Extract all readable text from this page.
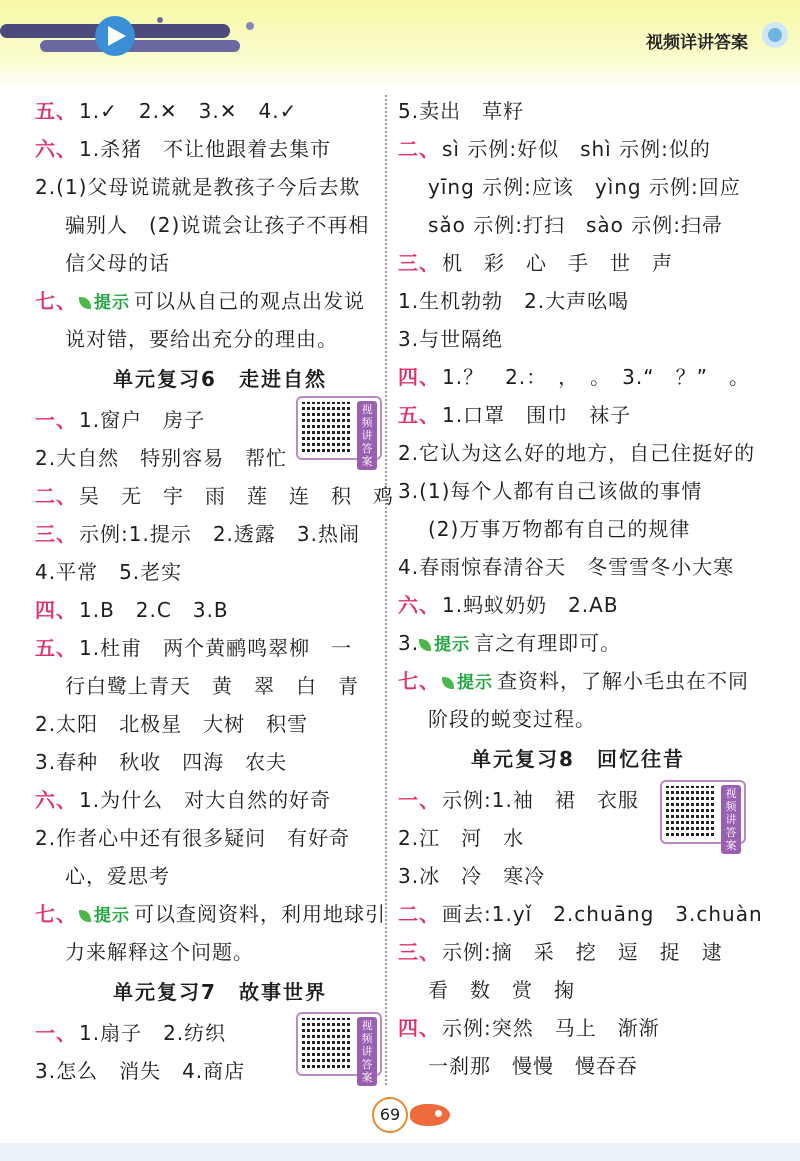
视频详讲答案
五、 1.✓　2.✕　3.✕　4.✓
六、 1.杀猪　不让他跟着去集市
2.(1)父母说谎就是教孩子今后去欺
骗别人　(2)说谎会让孩子不再相
信父母的话
七、 提示 可以从自己的观点出发说
说对错，要给出充分的理由。
单元复习6　走进自然
一、 1.窗户　房子
2.大自然　特别容易　帮忙
二、 吴　无　宇　雨　莲　连　积　鸡
三、 示例:1.提示　2.透露　3.热闹
4.平常　5.老实
四、 1.B　2.C　3.B
五、 1.杜甫　两个黄鹂鸣翠柳　一
行白鹭上青天　黄　翠　白　青
2.太阳　北极星　大树　积雪
3.春种　秋收　四海　农夫
六、 1.为什么　对大自然的好奇
2.作者心中还有很多疑问　有好奇
心，爱思考
七、 提示 可以查阅资料，利用地球引
力来解释这个问题。
单元复习7　故事世界
一、 1.扇子　2.纺织
3.怎么　消失　4.商店
5.卖出　草籽
二、 sì 示例:好似　shì 示例:似的
yīng 示例:应该　yìng 示例:回应
sǎo 示例:打扫　sào 示例:扫帚
三、 机　彩　心　手　世　声
1.生机勃勃　2.大声吆喝
3.与世隔绝
四、 1.？　2.：　，　。　3.“　？”　。
五、 1.口罩　围巾　袜子
2.它认为这么好的地方，自己住挺好的
3.(1)每个人都有自己该做的事情
(2)万事万物都有自己的规律
4.春雨惊春清谷天　冬雪雪冬小大寒
六、 1.蚂蚁奶奶　2.AB
3. 提示 言之有理即可。
七、 提示 查资料，了解小毛虫在不同
阶段的蜕变过程。
单元复习8　回忆往昔
一、 示例:1.袖　裙　衣服
2.江　河　水
3.冰　冷　寒冷
二、 画去:1.yǐ　2.chuāng　3.chuàn
三、 示例:摘　采　挖　逗　捉　逮
看　数　赏　掬
四、 示例:突然　马上　渐渐
一刹那　慢慢　慢吞吞
视频讲答案
视频讲答案
视频讲答案
69
